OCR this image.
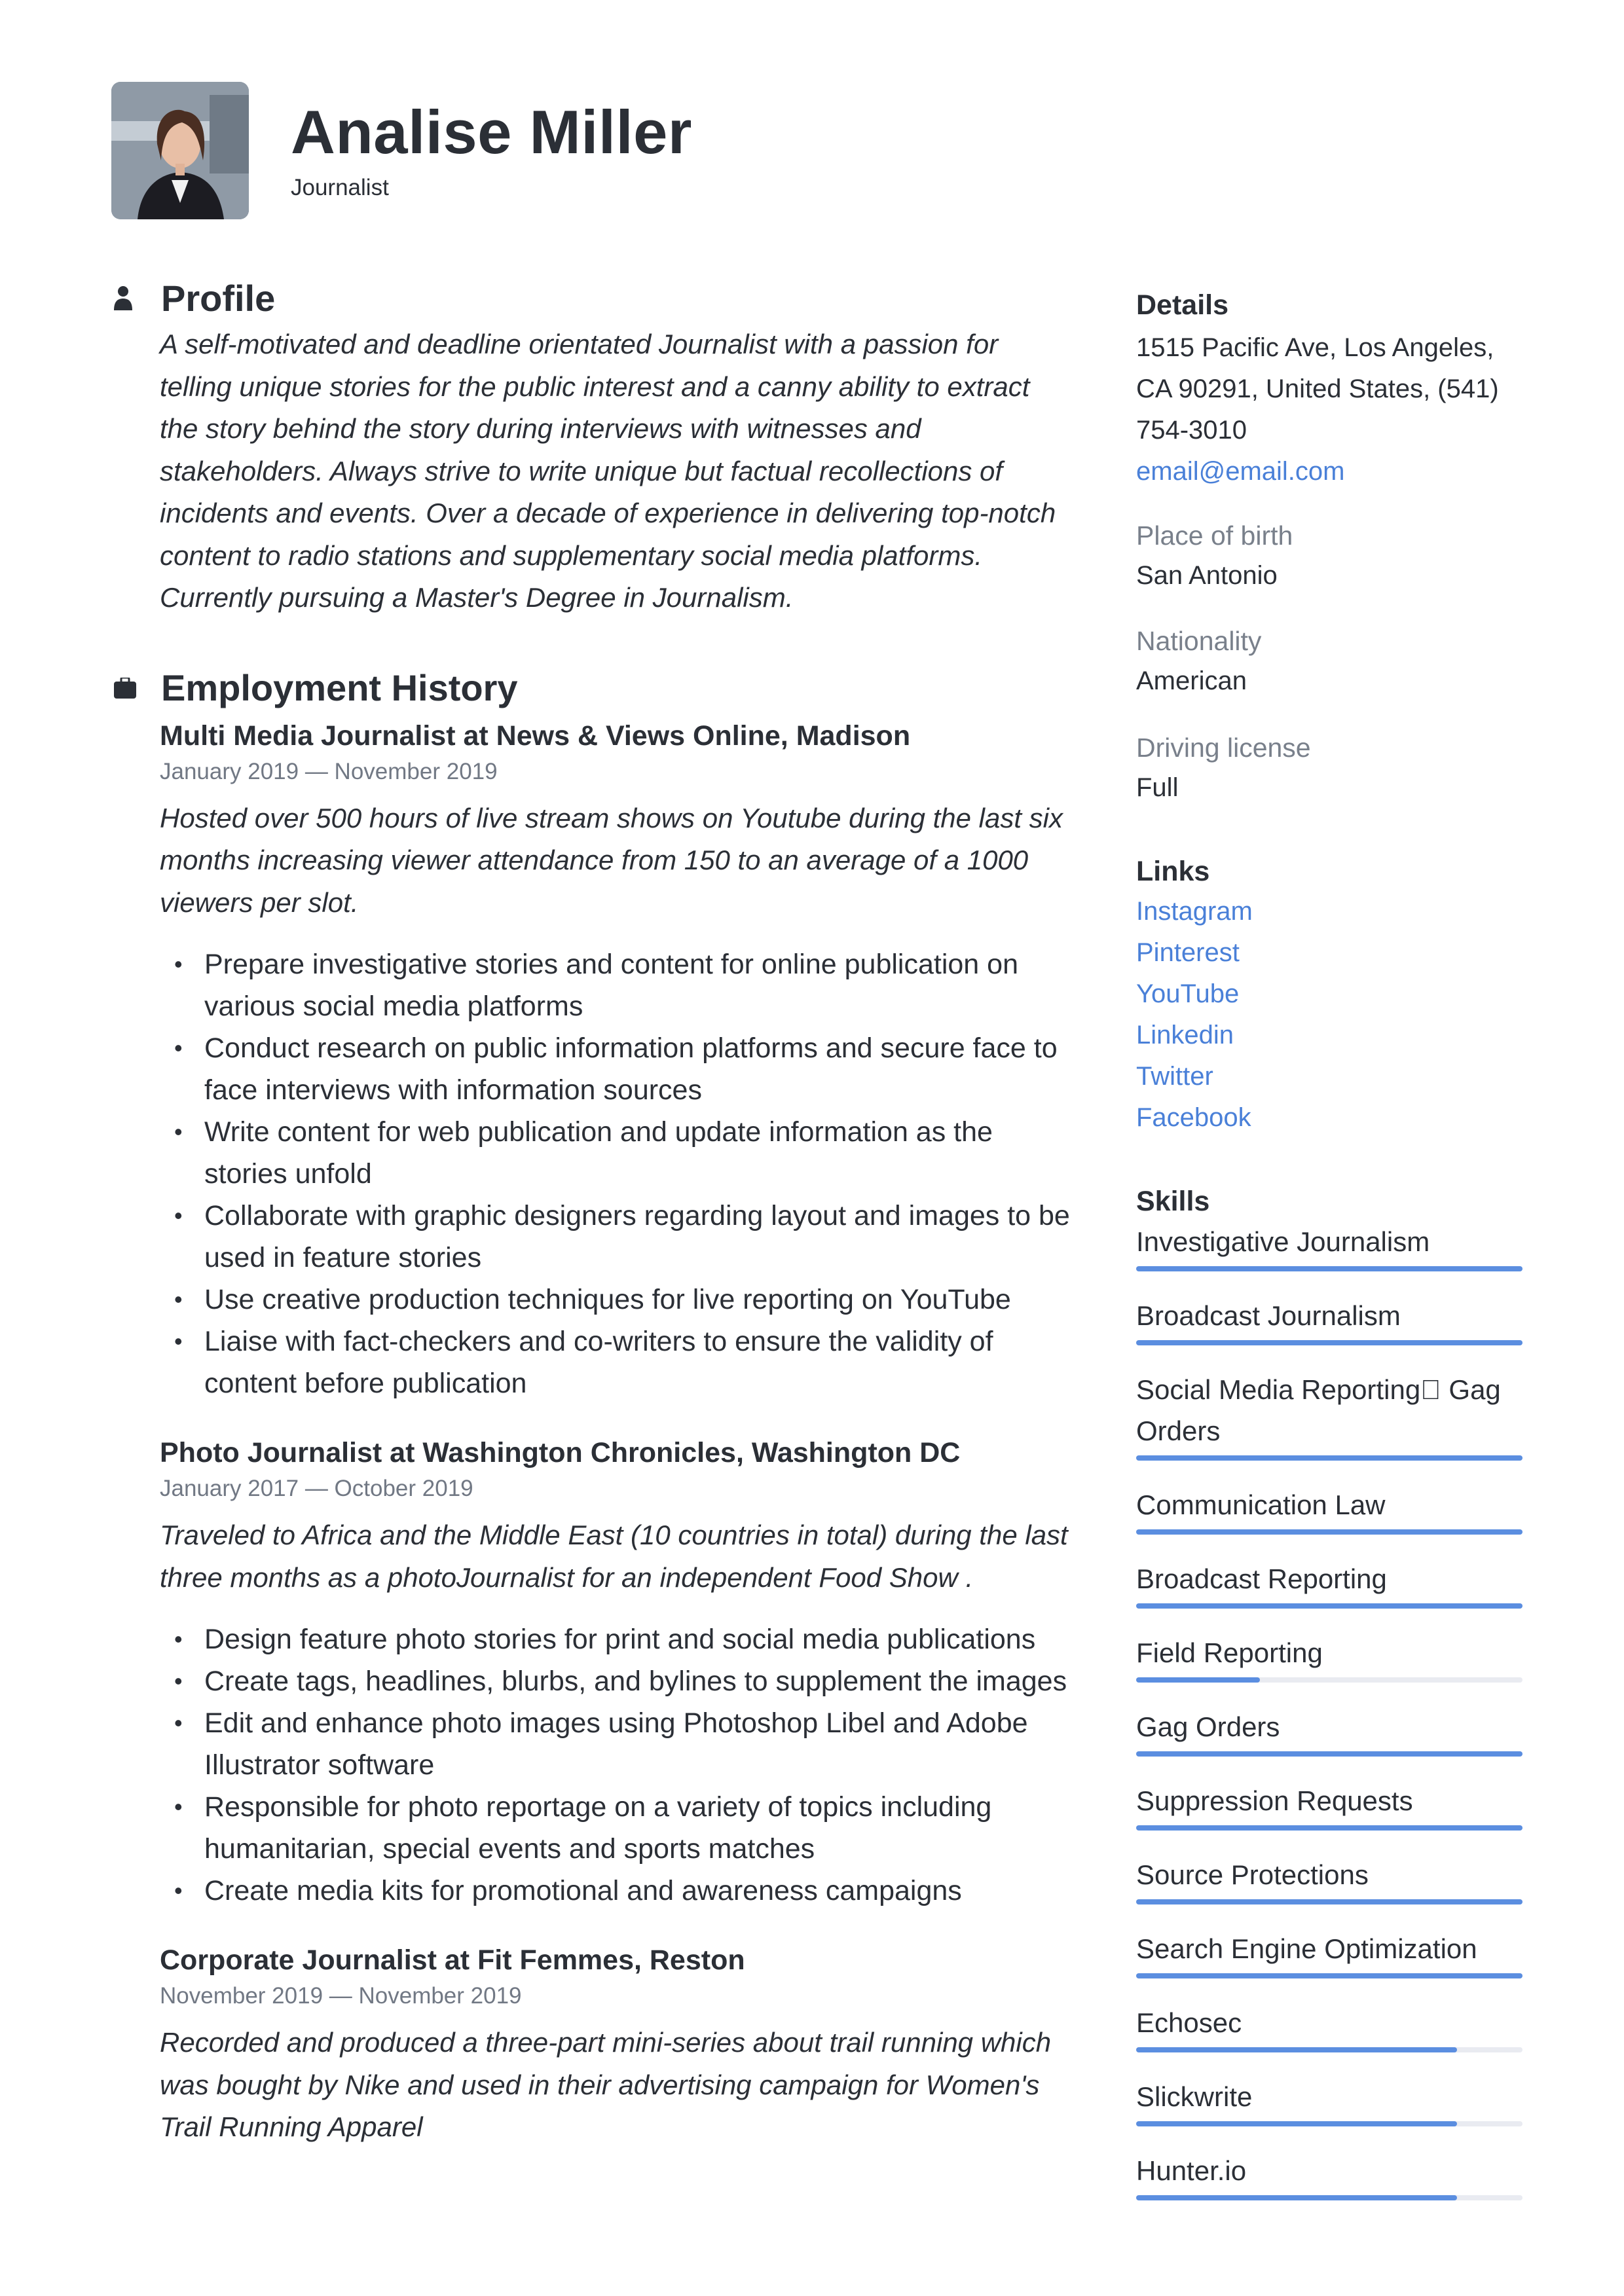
Analise Miller
Journalist
Profile
A self-motivated and deadline orientated Journalist with a passion for telling unique stories for the public interest and a canny ability to extract the story behind the story during interviews with witnesses and stakeholders. Always strive to write unique but factual recollections of incidents and events. Over a decade of experience in delivering top-notch content to radio stations and supplementary social media platforms. Currently pursuing a Master's Degree in Journalism.
Employment History
Multi Media Journalist at News & Views Online, Madison
January 2019 — November 2019
Hosted over 500 hours of live stream shows on Youtube during the last six months increasing viewer attendance from 150 to an average of a 1000 viewers per slot.
• Prepare investigative stories and content for online publication on various social media platforms
• Conduct research on public information platforms and secure face to face interviews with information sources
• Write content for web publication and update information as the stories unfold
• Collaborate with graphic designers regarding layout and images to be used in feature stories
• Use creative production techniques for live reporting on YouTube
• Liaise with fact-checkers and co-writers to ensure the validity of content before publication
Photo Journalist at Washington Chronicles, Washington DC
January 2017 — October 2019
Traveled to Africa and the Middle East (10 countries in total) during the last three months as a photoJournalist for an independent Food Show .
• Design feature photo stories for print and social media publications
• Create tags, headlines, blurbs, and bylines to supplement the images
• Edit and enhance photo images using Photoshop Libel and Adobe Illustrator software
• Responsible for photo reportage on a variety of topics including humanitarian, special events and sports matches
• Create media kits for promotional and awareness campaigns
Corporate Journalist at Fit Femmes, Reston
November 2019 — November 2019
Recorded and produced a three-part mini-series about trail running which was bought by Nike and used in their advertising campaign for Women's Trail Running Apparel
Details
1515 Pacific Ave, Los Angeles, CA 90291, United States, (541) 754-3010
email@email.com
Place of birth
San Antonio
Nationality
American
Driving license
Full
Links
Instagram
Pinterest
YouTube
Linkedin
Twitter
Facebook
Skills
Investigative Journalism
Broadcast Journalism
Social Media Reporting  Gag Orders
Communication Law
Broadcast Reporting
Field Reporting
Gag Orders
Suppression Requests
Source Protections
Search Engine Optimization
Echosec
Slickwrite
Hunter.io
